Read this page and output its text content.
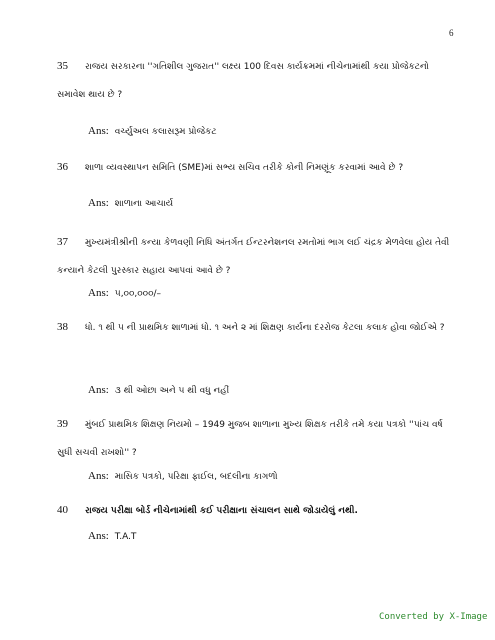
6
35 રાજય સરકારના ''ગતિશીલ ગુજરાત'' લક્ષ્ય 100 દિવસ કાર્યક્રમમાં નીચેનામાંથી કયા પ્રોજેકટનો સમાવેશ થાય છે ?
Ans: વર્ચ્યુઅલ કલાસરૂમ પ્રોજેકટ
36 શાળા વ્યવસ્થાપન સમિતિ (SME)માં સભ્ય સચિવ તરીકે કોની નિમણૂંક કરવામાં આવે છે ?
Ans: શાળાના આચાર્ય
37 મુખ્યમંત્રીશ્રીની કન્યા કેળવણી નિધિ અંતર્ગત ઈન્ટરનેશનલ રમતોમાં ભાગ લઈ ચંદ્રક મેળવેલા હોય તેવી કન્યાને કેટલી પુરસ્કાર સહાય આપવાં આવે છે ?
Ans: ૫,૦૦,૦૦૦/–
38 ધો. ૧ થી ૫ ની પ્રાથમિક શાળામાં ધો. ૧ અને ૨ માં શિક્ષણ કાર્યના દરરોજ કેટલા કલાક હોવા જોઈએ ?
Ans: ૩ થી ઓછા અને ૫ થી વધુ નહીં
39 મુંબઈ પ્રાથમિક શિક્ષણ નિયમો – 1949 મુજબ શાળાના મુખ્ય શિક્ષક તરીકે તમે કયા પત્રકો ''પાંચ વર્ષ સુધી સચવી રાખશો'' ?
Ans: માસિક પત્રકો, પરિક્ષા ફાઈલ, બદલીના કાગળો
40 રાજય પરીક્ષા બોર્ડ નીચેનામાંથી કઈ પરીક્ષાના સંચાલન સાથે જોડાયેલું નથી.
Ans: T.A.T
Converted by X-Image
